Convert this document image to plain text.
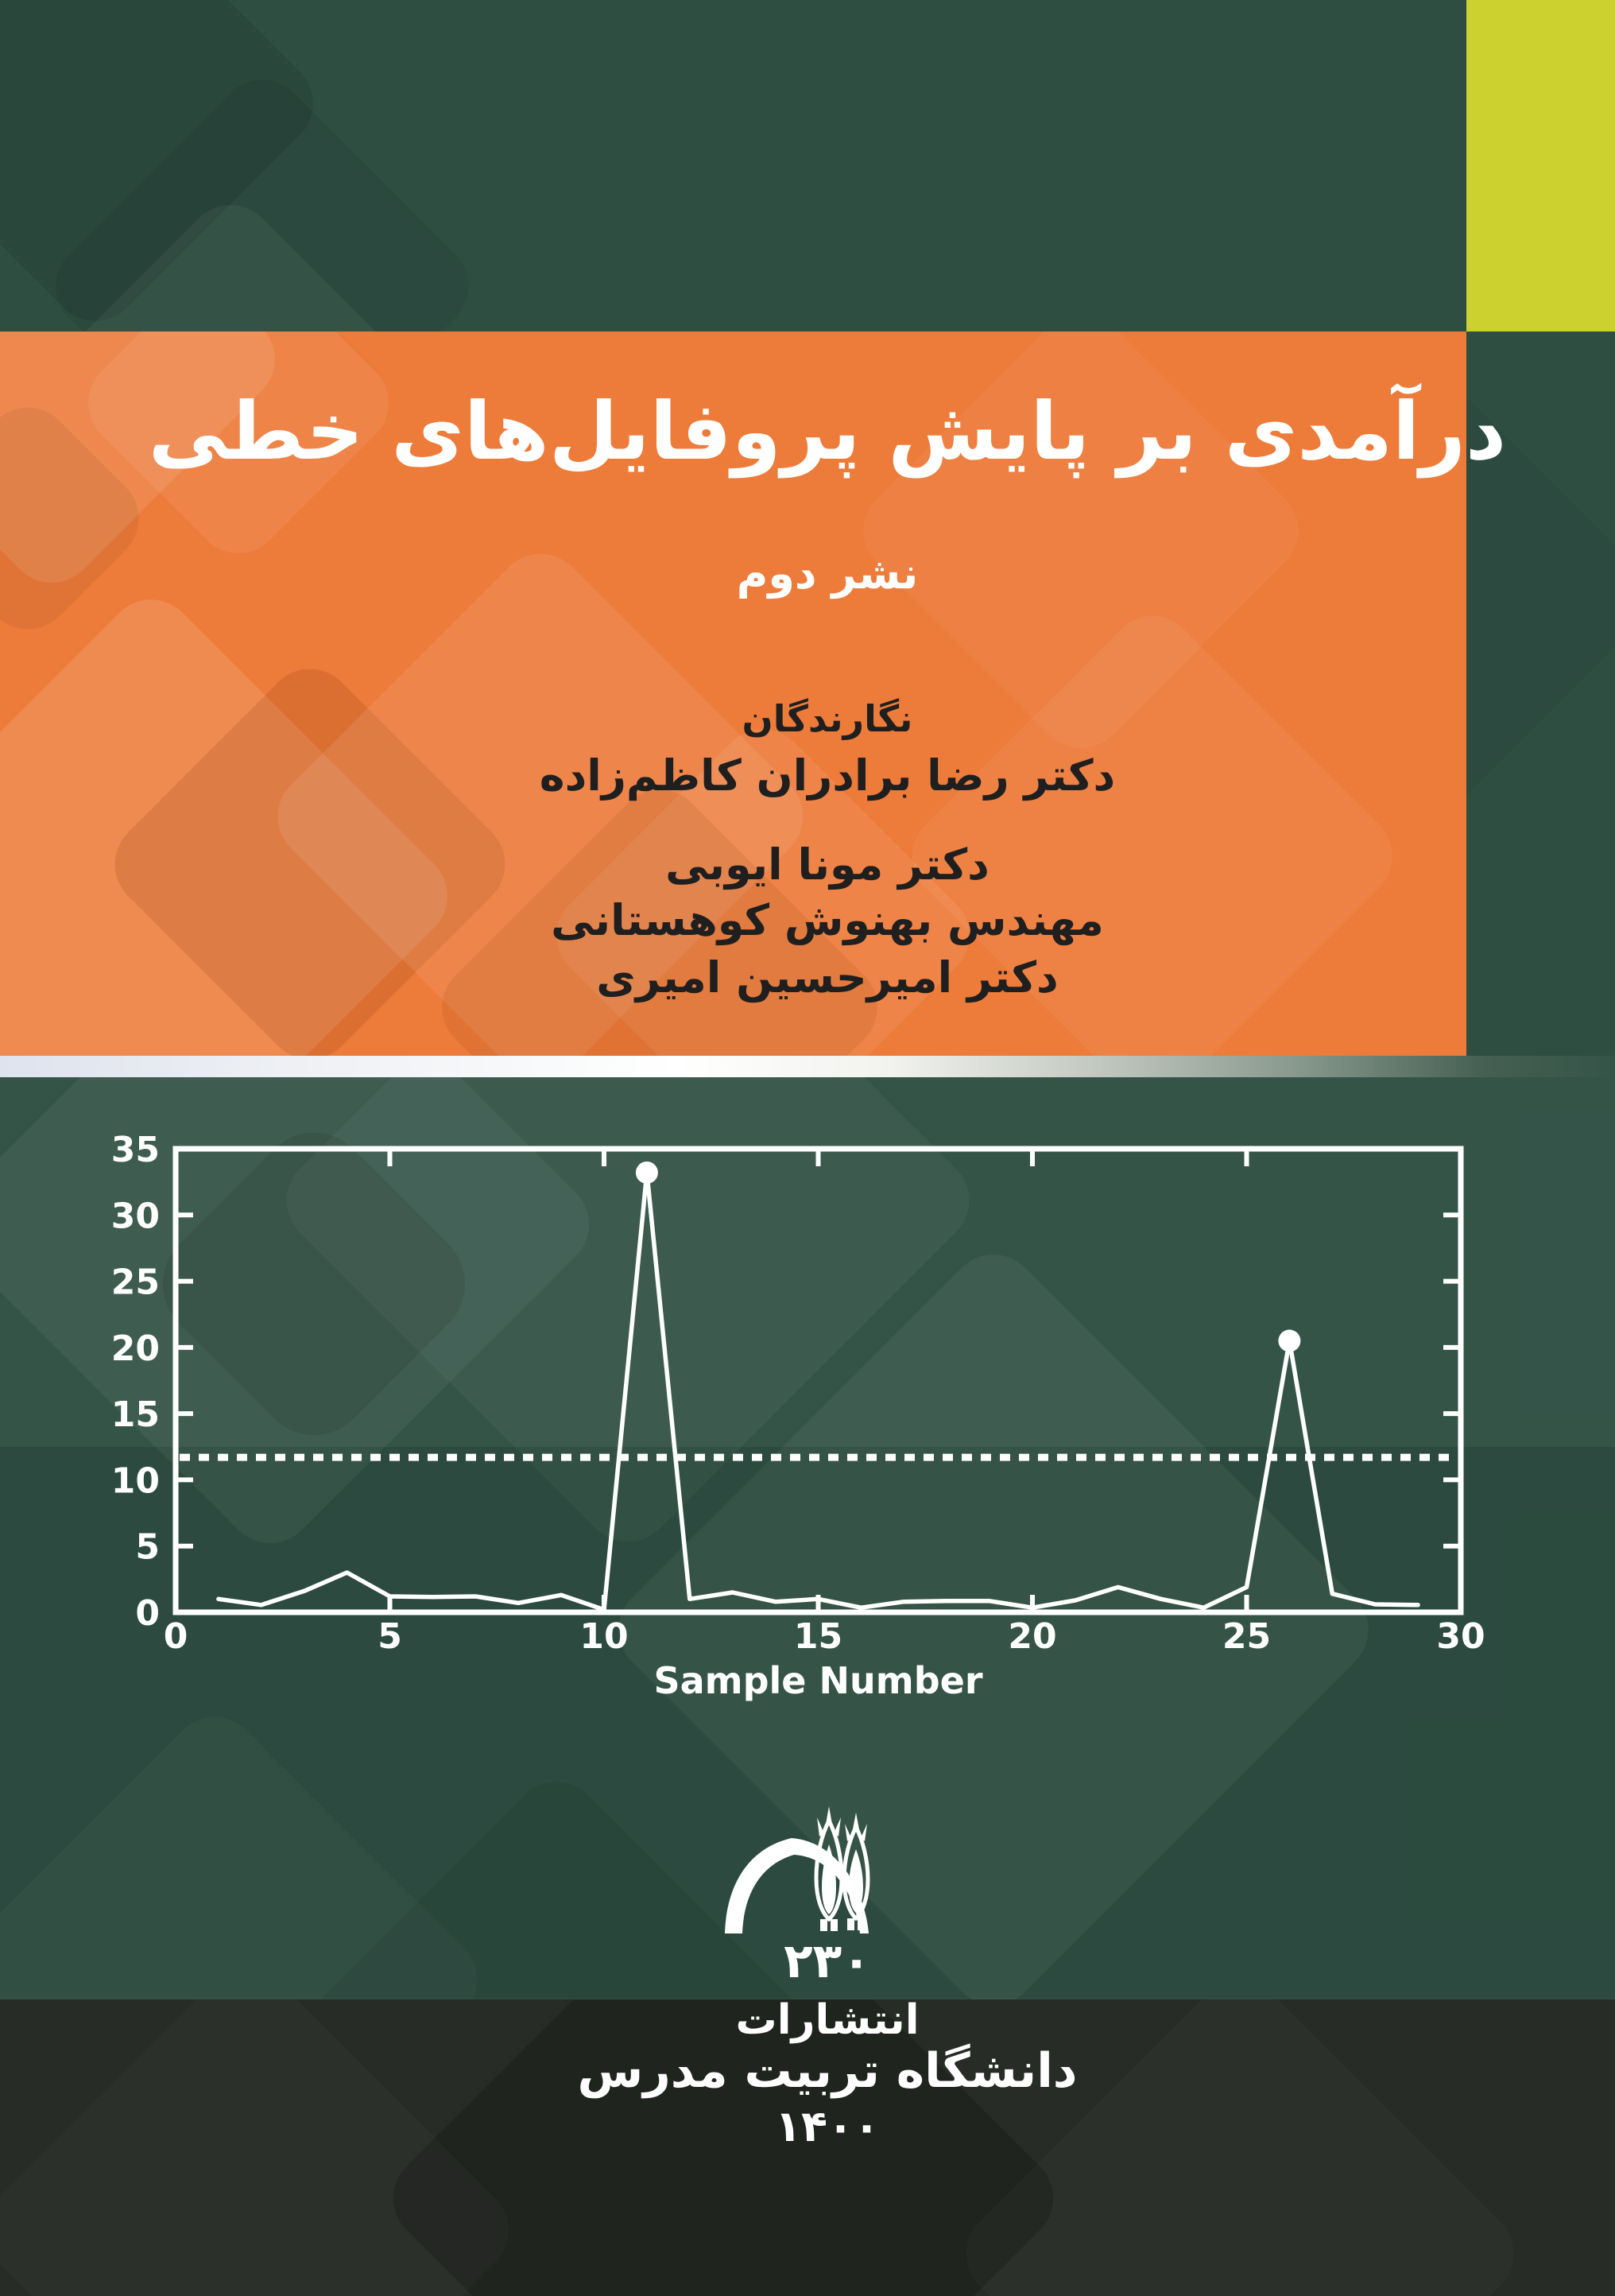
درآمدی بر پایش پروفایل‌های خطی
نشر دوم
نگارندگان
دکتر رضا برادران کاظم‌زاده
دکتر مونا ایوبی
مهندس بهنوش کوهستانی
دکتر امیرحسین امیری
0	5	10	15	20	25	30
0
5
10
15
20
25
30
35
Sample Number
۲۳۰
انتشارات
دانشگاه تربیت مدرس
۱۴۰۰
